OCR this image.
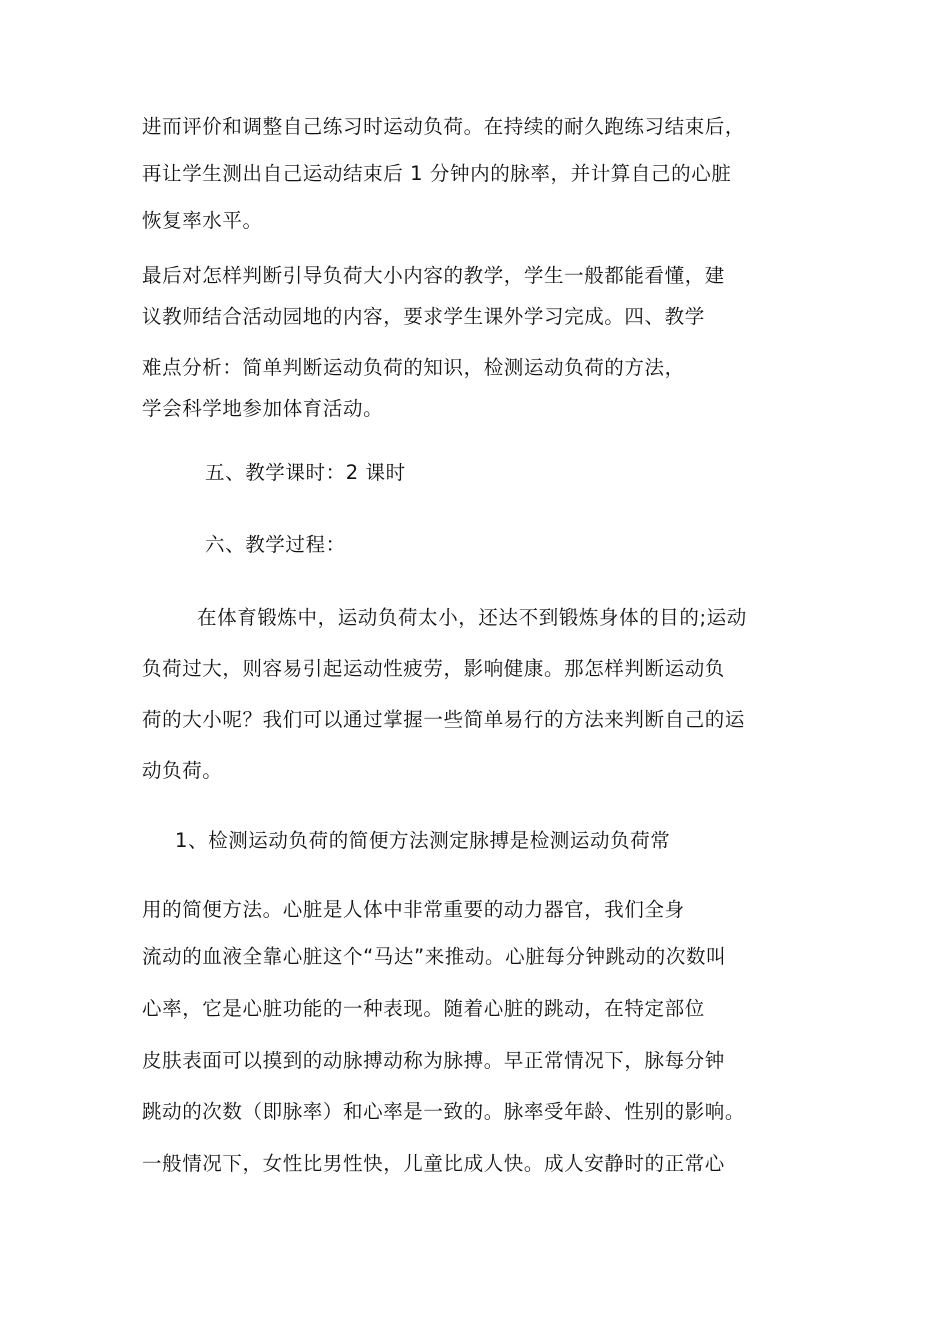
进而评价和调整自己练习时运动负荷。在持续的耐久跑练习结束后，
再让学生测出自己运动结束后 1 分钟内的脉率，并计算自己的心脏
恢复率水平。
最后对怎样判断引导负荷大小内容的教学，学生一般都能看懂，建
议教师结合活动园地的内容，要求学生课外学习完成。四、教学
难点分析：简单判断运动负荷的知识，检测运动负荷的方法，
学会科学地参加体育活动。
五、教学课时：2 课时
六、教学过程：
在体育锻炼中，运动负荷太小，还达不到锻炼身体的目的;运动
负荷过大，则容易引起运动性疲劳，影响健康。那怎样判断运动负
荷的大小呢？我们可以通过掌握一些简单易行的方法来判断自己的运
动负荷。
1、检测运动负荷的简便方法测定脉搏是检测运动负荷常
用的简便方法。心脏是人体中非常重要的动力器官，我们全身
流动的血液全靠心脏这个“马达”来推动。心脏每分钟跳动的次数叫
心率，它是心脏功能的一种表现。随着心脏的跳动，在特定部位
皮肤表面可以摸到的动脉搏动称为脉搏。早正常情况下，脉每分钟
跳动的次数（即脉率）和心率是一致的。脉率受年龄、性别的影响。
一般情况下，女性比男性快，儿童比成人快。成人安静时的正常心
